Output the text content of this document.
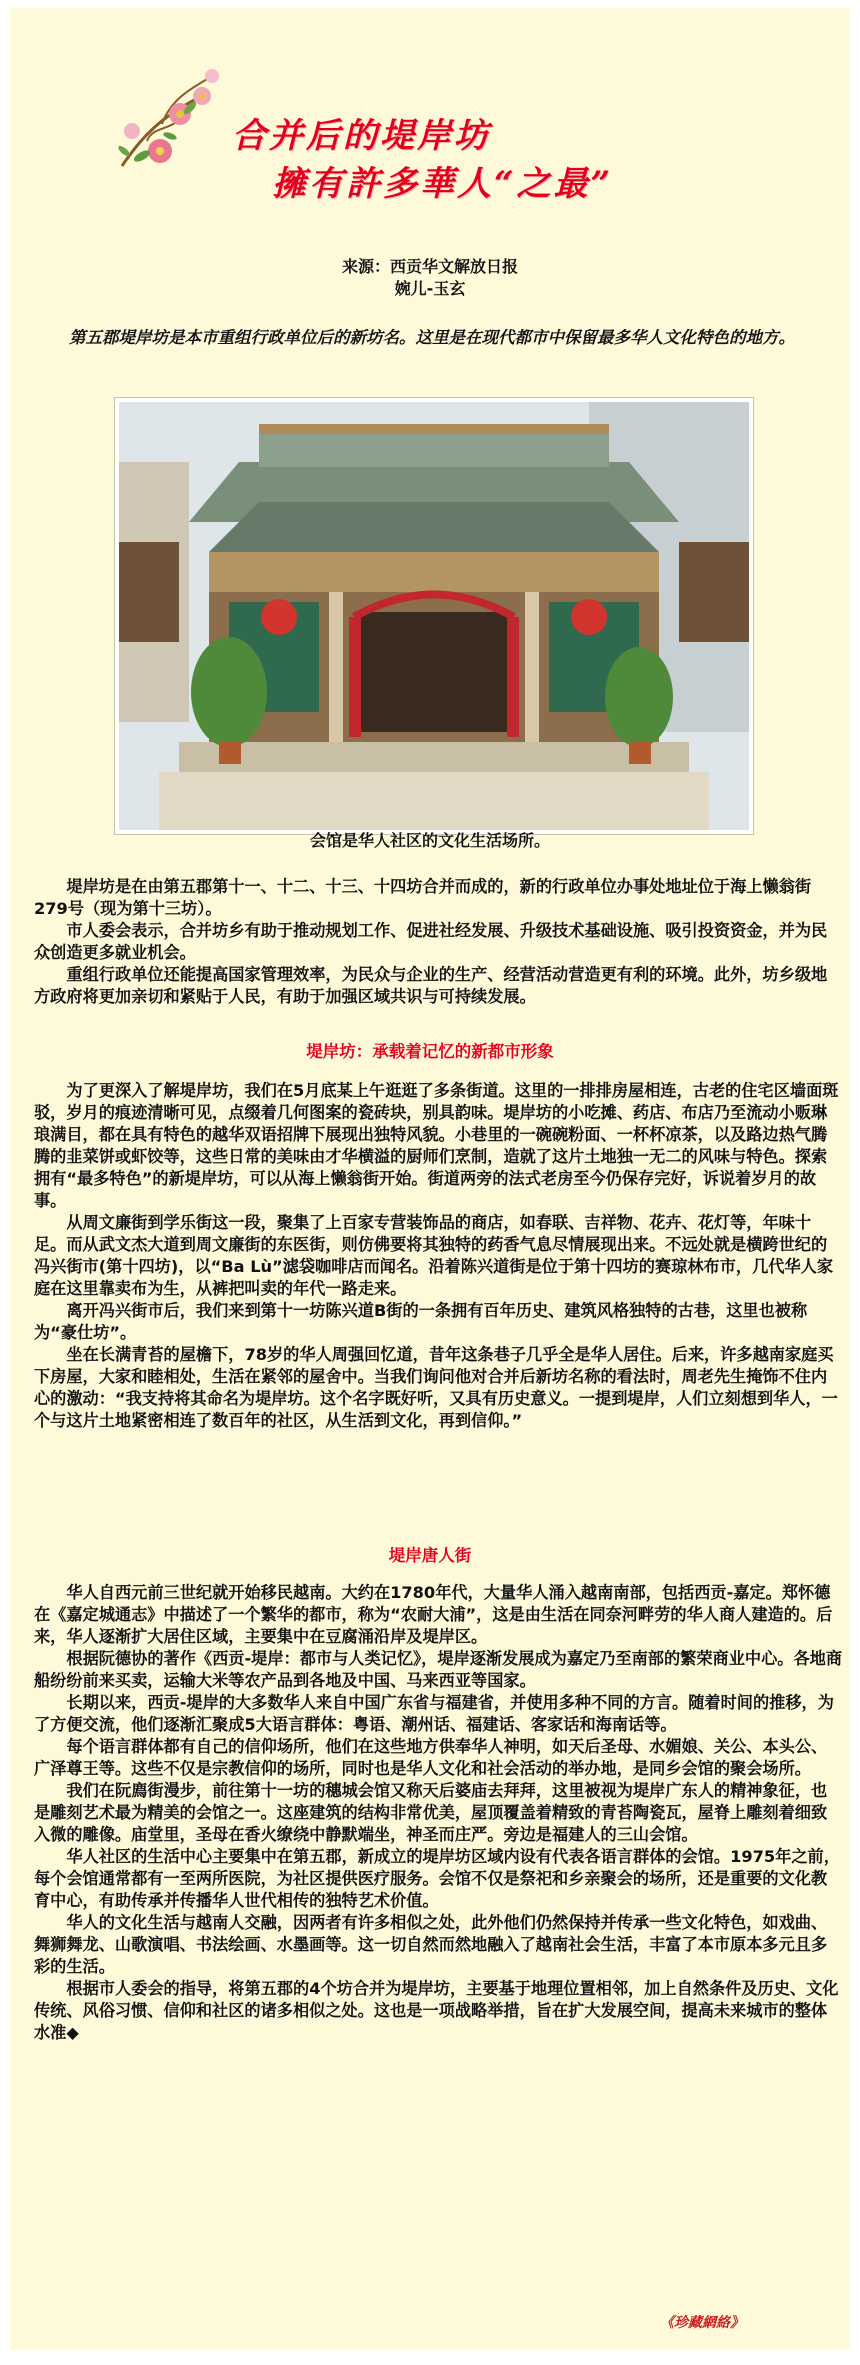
合并后的堤岸坊
擁有許多華人“之最”
来源：西贡华文解放日报
婉儿-玉玄

第五郡堤岸坊是本市重组行政单位后的新坊名。这里是在现代都市中保留最多华人文化特色的地方。

会馆是华人社区的文化生活场所。

堤岸坊是在由第五郡第十一、十二、十三、十四坊合并而成的，新的行政单位办事处地址位于海上懒翁街279号（现为第十三坊）。

市人委会表示，合并坊乡有助于推动规划工作、促进社经发展、升级技术基础设施、吸引投资资金，并为民众创造更多就业机会。

重组行政单位还能提高国家管理效率，为民众与企业的生产、经营活动营造更有利的环境。此外，坊乡级地方政府将更加亲切和紧贴于人民，有助于加强区域共识与可持续发展。

堤岸坊：承载着记忆的新都市形象

为了更深入了解堤岸坊，我们在5月底某上午逛逛了多条街道。这里的一排排房屋相连，古老的住宅区墙面斑驳，岁月的痕迹清晰可见，点缀着几何图案的瓷砖块，别具韵味。堤岸坊的小吃摊、药店、布店乃至流动小贩琳琅满目，都在具有特色的越华双语招牌下展现出独特风貌。小巷里的一碗碗粉面、一杯杯凉茶，以及路边热气腾腾的韭菜饼或虾饺等，这些日常的美味由才华横溢的厨师们烹制，造就了这片土地独一无二的风味与特色。探索拥有“最多特色”的新堤岸坊，可以从海上懒翁街开始。街道两旁的法式老房至今仍保存完好，诉说着岁月的故事。

从周文廉街到学乐街这一段，聚集了上百家专营装饰品的商店，如春联、吉祥物、花卉、花灯等，年味十足。而从武文杰大道到周文廉街的东医街，则仿佛要将其独特的药香气息尽情展现出来。不远处就是横跨世纪的冯兴街市(第十四坊)，以“Ba Lù”滤袋咖啡店而闻名。沿着陈兴道街是位于第十四坊的赛琼林布市，几代华人家庭在这里靠卖布为生，从裤把叫卖的年代一路走来。

离开冯兴街市后，我们来到第十一坊陈兴道B街的一条拥有百年历史、建筑风格独特的古巷，这里也被称为“豪仕坊”。

坐在长满青苔的屋檐下，78岁的华人周强回忆道，昔年这条巷子几乎全是华人居住。后来，许多越南家庭买下房屋，大家和睦相处，生活在紧邻的屋舍中。当我们询问他对合并后新坊名称的看法时，周老先生掩饰不住内心的激动：“我支持将其命名为堤岸坊。这个名字既好听，又具有历史意义。一提到堤岸，人们立刻想到华人，一个与这片土地紧密相连了数百年的社区，从生活到文化，再到信仰。”

堤岸唐人街

华人自西元前三世纪就开始移民越南。大约在1780年代，大量华人涌入越南南部，包括西贡-嘉定。郑怀德在《嘉定城通志》中描述了一个繁华的都市，称为“农耐大浦”，这是由生活在同奈河畔劳的华人商人建造的。后来，华人逐渐扩大居住区域，主要集中在豆腐涌沿岸及堤岸区。

根据阮德协的著作《西贡-堤岸：都市与人类记忆》，堤岸逐渐发展成为嘉定乃至南部的繁荣商业中心。各地商船纷纷前来买卖，运输大米等农产品到各地及中国、马来西亚等国家。

长期以来，西贡-堤岸的大多数华人来自中国广东省与福建省，并使用多种不同的方言。随着时间的推移，为了方便交流，他们逐渐汇聚成5大语言群体：粤语、潮州话、福建话、客家话和海南话等。

每个语言群体都有自己的信仰场所，他们在这些地方供奉华人神明，如天后圣母、水媚娘、关公、本头公、广泽尊王等。这些不仅是宗教信仰的场所，同时也是华人文化和社会活动的举办地，是同乡会馆的聚会场所。

我们在阮廌街漫步，前往第十一坊的穗城会馆又称天后婆庙去拜拜，这里被视为堤岸广东人的精神象征，也是雕刻艺术最为精美的会馆之一。这座建筑的结构非常优美，屋顶覆盖着精致的青苔陶瓷瓦，屋脊上雕刻着细致入微的雕像。庙堂里，圣母在香火缭绕中静默端坐，神圣而庄严。旁边是福建人的三山会馆。

华人社区的生活中心主要集中在第五郡，新成立的堤岸坊区域内设有代表各语言群体的会馆。1975年之前，每个会馆通常都有一至两所医院，为社区提供医疗服务。会馆不仅是祭祀和乡亲聚会的场所，还是重要的文化教育中心，有助传承并传播华人世代相传的独特艺术价值。

华人的文化生活与越南人交融，因两者有许多相似之处，此外他们仍然保持并传承一些文化特色，如戏曲、舞狮舞龙、山歌演唱、书法绘画、水墨画等。这一切自然而然地融入了越南社会生活，丰富了本市原本多元且多彩的生活。

根据市人委会的指导，将第五郡的4个坊合并为堤岸坊，主要基于地理位置相邻，加上自然条件及历史、文化传统、风俗习惯、信仰和社区的诸多相似之处。这也是一项战略举措，旨在扩大发展空间，提高未来城市的整体水准◆

《珍藏網絡》
